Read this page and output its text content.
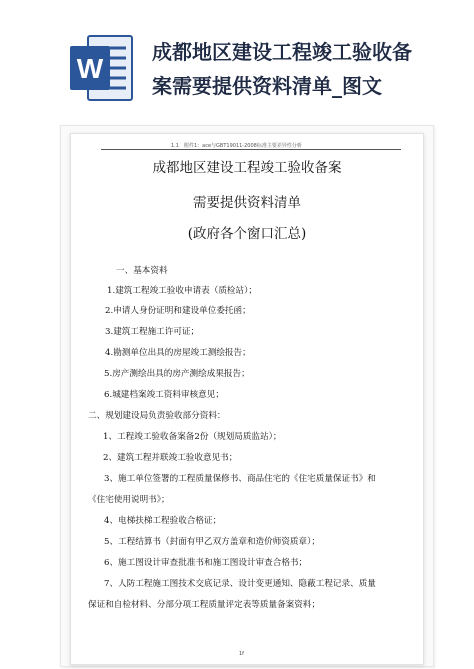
W
成都地区建设工程竣工验收备
案需要提供资料清单_图文
1.1　附件1：ace与GBT19011-2008标准主要差异性分析
成都地区建设工程竣工验收备案
需要提供资料清单
(政府各个窗口汇总)
一、基本资料
1.建筑工程竣工验收申请表（质检站）；
2.申请人身份证明和建设单位委托函；
3.建筑工程施工许可证；
4.勘测单位出具的房屋竣工测绘报告；
5.房产测绘出具的房产测绘成果报告；
6.城建档案竣工资料审核意见；
二、规划建设局负责验收部分资料：
1、工程竣工验收备案备2份（规划局质监站）；
2、建筑工程并联竣工验收意见书；
3、施工单位签署的工程质量保修书、商品住宅的《住宅质量保证书》和
《住宅使用说明书》；
4、电梯扶梯工程验收合格证；
5、工程结算书（封面有甲乙双方盖章和造价师资质章）；
6、施工图设计审查批准书和施工图设计审查合格书；
7、人防工程施工图技术交底记录、设计变更通知、隐蔽工程记录、质量
保证和自检材料、分部分项工程质量评定表等质量备案资料；
1f
